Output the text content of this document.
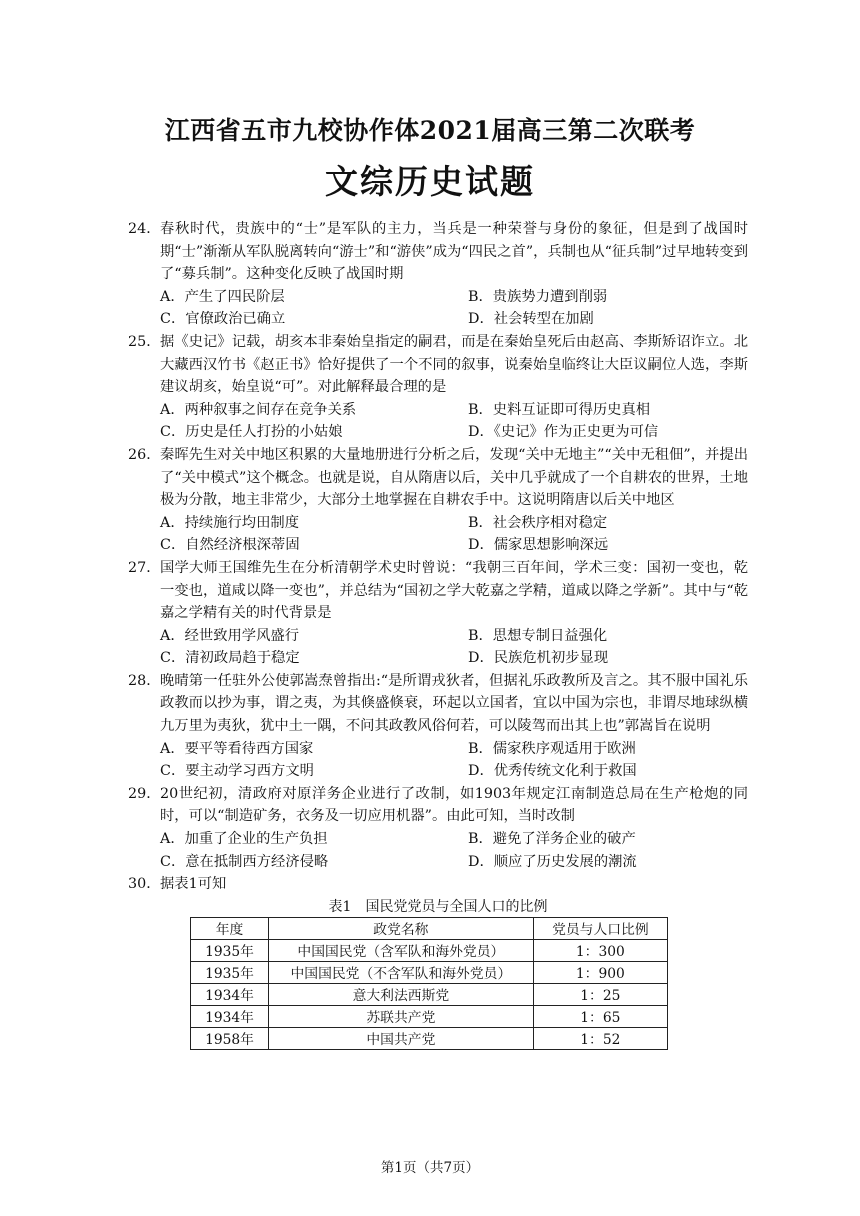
江西省五市九校协作体2021届高三第二次联考
文综历史试题
24． 春秋时代，贵族中的“士”是军队的主力，当兵是一种荣誉与身份的象征，但是到了战国时期“士”渐渐从军队脱离转向“游士”和“游侠”成为“四民之首”，兵制也从“征兵制”过早地转变到了“募兵制”。这种变化反映了战国时期
A．产生了四民阶层	B．贵族势力遭到削弱
C．官僚政治已确立	D．社会转型在加剧
25． 据《史记》记载，胡亥本非秦始皇指定的嗣君，而是在秦始皇死后由赵高、李斯矫诏诈立。北大藏西汉竹书《赵正书》恰好提供了一个不同的叙事，说秦始皇临终让大臣议嗣位人选，李斯建议胡亥，始皇说“可”。对此解释最合理的是
A．两种叙事之间存在竞争关系	B．史料互证即可得历史真相
C．历史是任人打扮的小姑娘	D．《史记》作为正史更为可信
26． 秦晖先生对关中地区积累的大量地册进行分析之后，发现“关中无地主”“关中无租佃”，并提出了“关中模式”这个概念。也就是说，自从隋唐以后，关中几乎就成了一个自耕农的世界，土地极为分散，地主非常少，大部分土地掌握在自耕农手中。这说明隋唐以后关中地区
A．持续施行均田制度	B．社会秩序相对稳定
C．自然经济根深蒂固	D．儒家思想影响深远
27． 国学大师王国维先生在分析清朝学术史时曾说：“我朝三百年间，学术三变：国初一变也，乾一变也，道咸以降一变也”，并总结为“国初之学大乾嘉之学精，道咸以降之学新”。其中与“乾嘉之学精有关的时代背景是
A．经世致用学风盛行	B．思想专制日益强化
C．清初政局趋于稳定	D．民族危机初步显现
28． 晚晴第一任驻外公使郭嵩焘曾指出:“是所谓戎狄者，但据礼乐政教所及言之。其不服中国礼乐政教而以抄为事，谓之夷，为其倏盛倏衰，环起以立国者，宜以中国为宗也，非谓尽地球纵横九万里为夷狄，犹中土一隅，不问其政教风俗何若，可以陵驾而出其上也”郭嵩旨在说明
A．要平等看待西方国家	B．儒家秩序观适用于欧洲
C．要主动学习西方文明	D．优秀传统文化利于救国
29． 20世纪初，清政府对原洋务企业进行了改制，如1903年规定江南制造总局在生产枪炮的同时，可以“制造矿务，衣务及一切应用机器”。由此可知，当时改制
A．加重了企业的生产负担	B．避免了洋务企业的破产
C．意在抵制西方经济侵略	D．顺应了历史发展的潮流
30． 据表1可知
表1　国民党党员与全国人口的比例
年度	政党名称	党员与人口比例
1935年	中国国民党（含军队和海外党员）	1：300
1935年	中国国民党（不含军队和海外党员）	1：900
1934年	意大利法西斯党	1：25
1934年	苏联共产党	1：65
1958年	中国共产党	1：52
第1页（共7页）
